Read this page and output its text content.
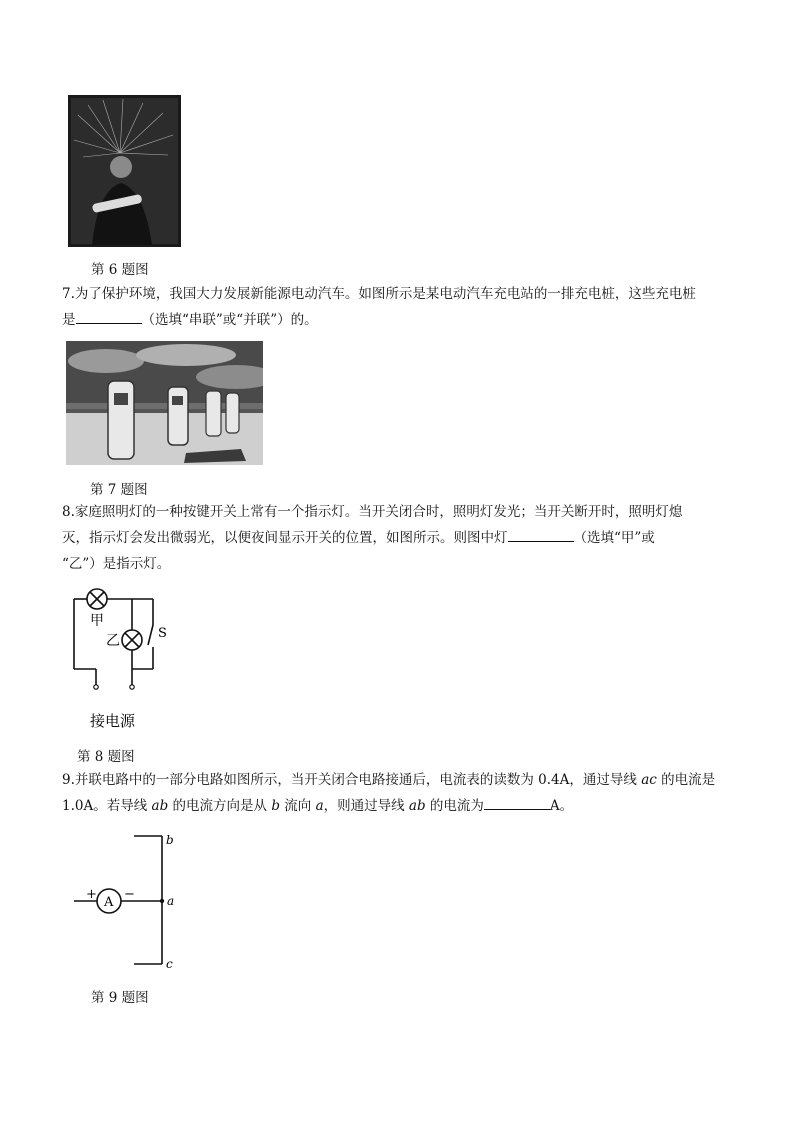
第 6 题图
7.为了保护环境，我国大力发展新能源电动汽车。如图所示是某电动汽车充电站的一排充电桩，这些充电桩
是	（选填“串联”或“并联”）的。
第 7 题图
8.家庭照明灯的一种按键开关上常有一个指示灯。当开关闭合时，照明灯发光；当开关断开时，照明灯熄
灭，指示灯会发出微弱光，以便夜间显示开关的位置，如图所示。则图中灯	（选填“甲”或
“乙”）是指示灯。
甲
乙	S
接电源
第 8 题图
9.并联电路中的一部分电路如图所示，当开关闭合电路接通后，电流表的读数为 0.4A，通过导线 ac 的电流是
1.0A。若导线 ab 的电流方向是从 b 流向 a，则通过导线 ab 的电流为	A。
A
+ −
b
a
c
第 9 题图
